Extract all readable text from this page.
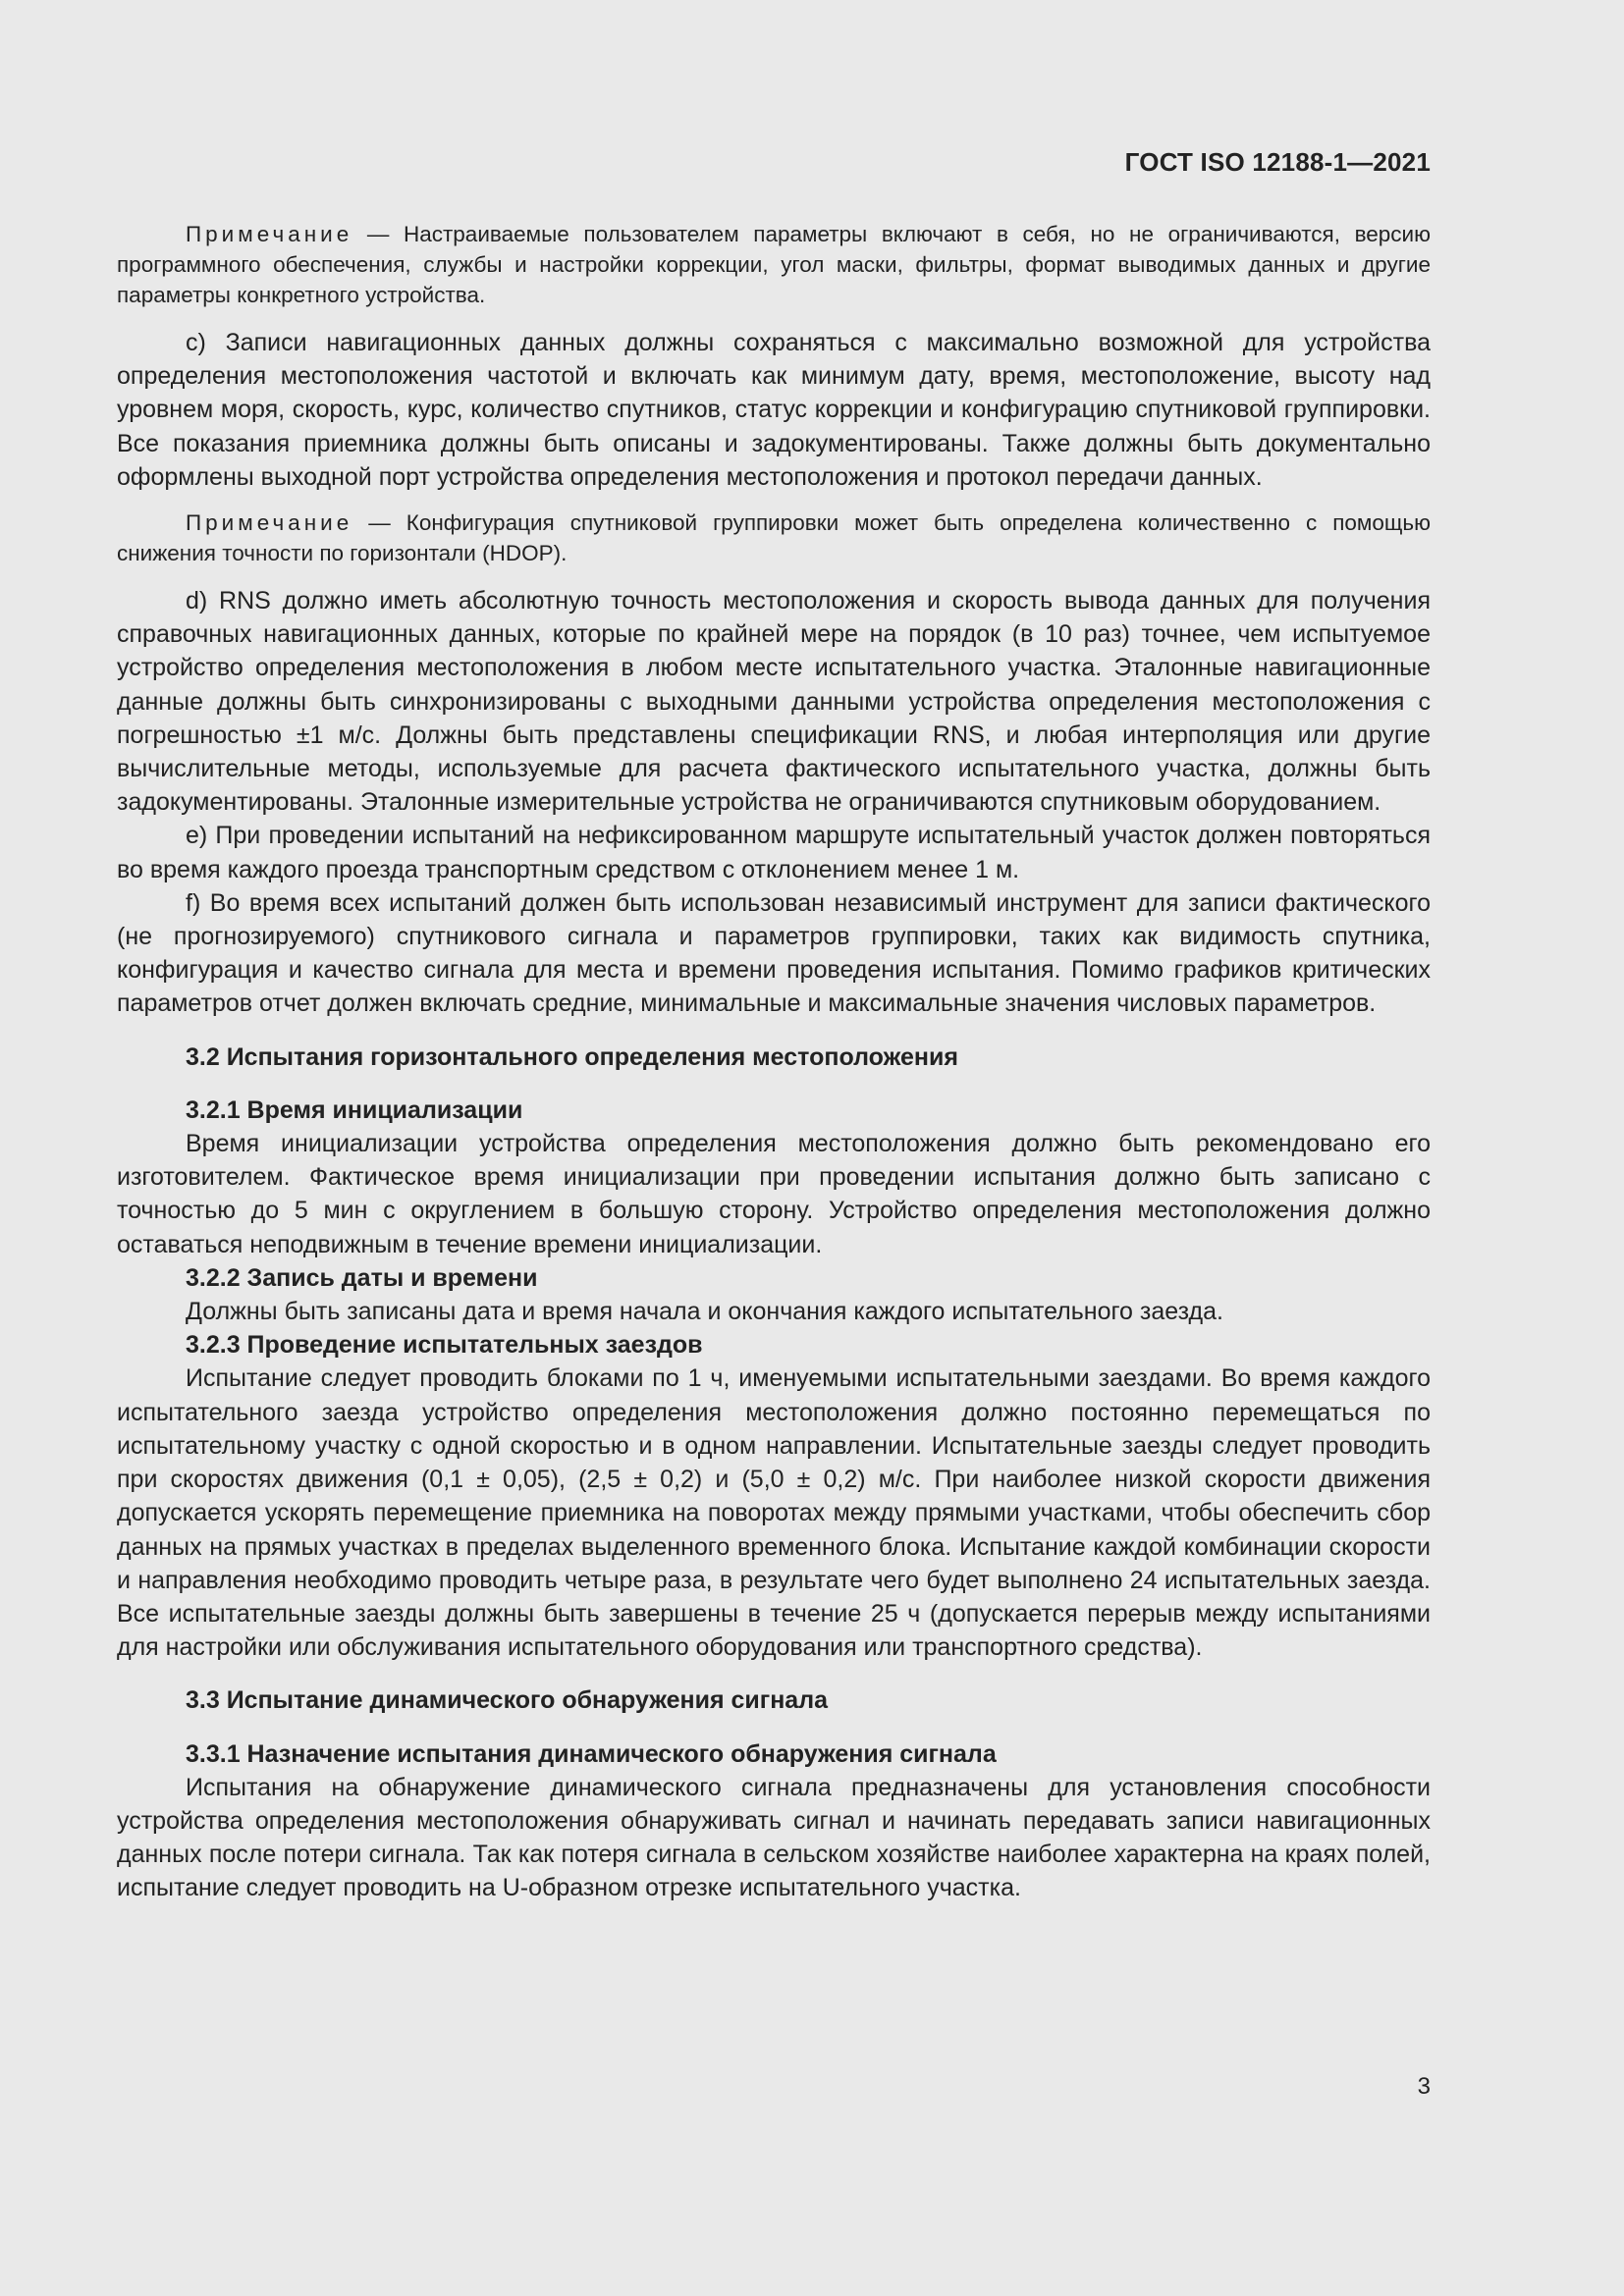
ГОСТ ISO 12188-1—2021

Примечание — Настраиваемые пользователем параметры включают в себя, но не ограничиваются, версию программного обеспечения, службы и настройки коррекции, угол маски, фильтры, формат выводимых данных и другие параметры конкретного устройства.

c) Записи навигационных данных должны сохраняться с максимально возможной для устройства определения местоположения частотой и включать как минимум дату, время, местоположение, высоту над уровнем моря, скорость, курс, количество спутников, статус коррекции и конфигурацию спутниковой группировки. Все показания приемника должны быть описаны и задокументированы. Также должны быть документально оформлены выходной порт устройства определения местоположения и протокол передачи данных.

Примечание — Конфигурация спутниковой группировки может быть определена количественно с помощью снижения точности по горизонтали (HDOP).

d) RNS должно иметь абсолютную точность местоположения и скорость вывода данных для получения справочных навигационных данных, которые по крайней мере на порядок (в 10 раз) точнее, чем испытуемое устройство определения местоположения в любом месте испытательного участка. Эталонные навигационные данные должны быть синхронизированы с выходными данными устройства определения местоположения с погрешностью ±1 м/с. Должны быть представлены спецификации RNS, и любая интерполяция или другие вычислительные методы, используемые для расчета фактического испытательного участка, должны быть задокументированы. Эталонные измерительные устройства не ограничиваются спутниковым оборудованием.

e) При проведении испытаний на нефиксированном маршруте испытательный участок должен повторяться во время каждого проезда транспортным средством с отклонением менее 1 м.

f) Во время всех испытаний должен быть использован независимый инструмент для записи фактического (не прогнозируемого) спутникового сигнала и параметров группировки, таких как видимость спутника, конфигурация и качество сигнала для места и времени проведения испытания. Помимо графиков критических параметров отчет должен включать средние, минимальные и максимальные значения числовых параметров.

3.2 Испытания горизонтального определения местоположения
3.2.1 Время инициализации

Время инициализации устройства определения местоположения должно быть рекомендовано его изготовителем. Фактическое время инициализации при проведении испытания должно быть записано с точностью до 5 мин с округлением в большую сторону. Устройство определения местоположения должно оставаться неподвижным в течение времени инициализации.

3.2.2 Запись даты и времени

Должны быть записаны дата и время начала и окончания каждого испытательного заезда.

3.2.3 Проведение испытательных заездов

Испытание следует проводить блоками по 1 ч, именуемыми испытательными заездами. Во время каждого испытательного заезда устройство определения местоположения должно постоянно перемещаться по испытательному участку с одной скоростью и в одном направлении. Испытательные заезды следует проводить при скоростях движения (0,1 ± 0,05), (2,5 ± 0,2) и (5,0 ± 0,2) м/с. При наиболее низкой скорости движения допускается ускорять перемещение приемника на поворотах между прямыми участками, чтобы обеспечить сбор данных на прямых участках в пределах выделенного временного блока. Испытание каждой комбинации скорости и направления необходимо проводить четыре раза, в результате чего будет выполнено 24 испытательных заезда. Все испытательные заезды должны быть завершены в течение 25 ч (допускается перерыв между испытаниями для настройки или обслуживания испытательного оборудования или транспортного средства).

3.3 Испытание динамического обнаружения сигнала
3.3.1 Назначение испытания динамического обнаружения сигнала

Испытания на обнаружение динамического сигнала предназначены для установления способности устройства определения местоположения обнаруживать сигнал и начинать передавать записи навигационных данных после потери сигнала. Так как потеря сигнала в сельском хозяйстве наиболее характерна на краях полей, испытание следует проводить на U-образном отрезке испытательного участка.

3
